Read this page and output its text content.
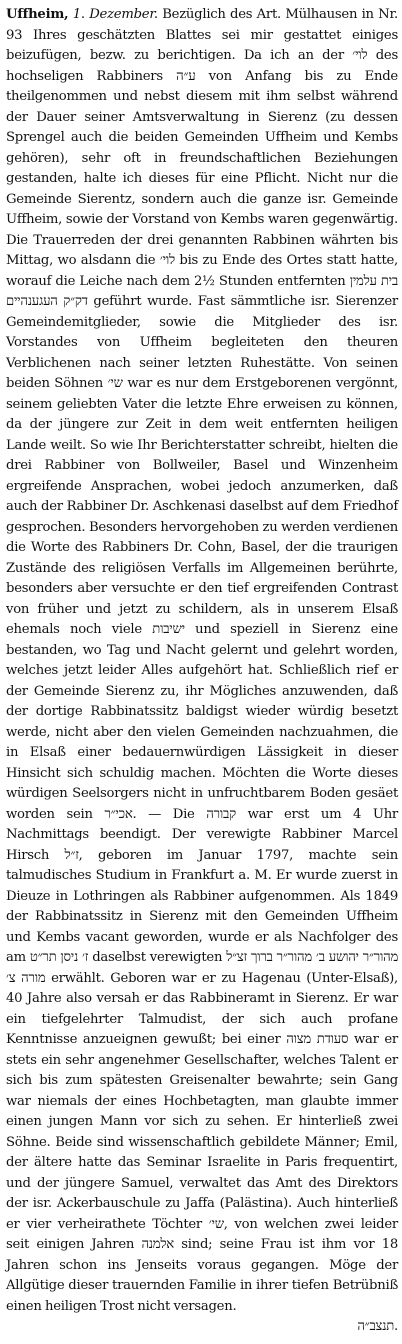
Uffheim, 1. Dezember. Bezüglich des Art. Mülhausen in Nr. 93 Ihres geschätzten Blattes sei mir gestattet einiges beizufügen, bezw. zu berichtigen. Da ich an der לוי׳ des hochseligen Rabbiners ע״ה von Anfang bis zu Ende theilgenommen und nebst diesem mit ihm selbst während der Dauer seiner Amtsverwaltung in Sierenz (zu dessen Sprengel auch die beiden Gemeinden Uffheim und Kembs gehören), sehr oft in freundschaftlichen Beziehungen gestanden, halte ich dieses für eine Pflicht. Nicht nur die Gemeinde Sierentz, sondern auch die ganze isr. Gemeinde Uffheim, sowie der Vorstand von Kembs waren gegenwärtig. Die Trauerreden der drei genannten Rabbinen währten bis Mittag, wo alsdann die לוי׳ bis zu Ende des Ortes statt hatte, worauf die Leiche nach dem 2½ Stunden entfernten בית עלמין דק״ק העגענהיים geführt wurde. Fast sämmtliche isr. Sierenzer Gemeindemitglieder, sowie die Mitglieder des isr. Vorstandes von Uffheim begleiteten den theuren Verblichenen nach seiner letzten Ruhestätte. Von seinen beiden Söhnen שי׳ war es nur dem Erstgeborenen vergönnt, seinem geliebten Vater die letzte Ehre erweisen zu können, da der jüngere zur Zeit in dem weit entfernten heiligen Lande weilt. So wie Ihr Berichterstatter schreibt, hielten die drei Rabbiner von Bollweiler, Basel und Winzenheim ergreifende Ansprachen, wobei jedoch anzumerken, daß auch der Rabbiner Dr. Aschkenasi daselbst auf dem Friedhof gesprochen. Besonders hervorgehoben zu werden verdienen die Worte des Rabbiners Dr. Cohn, Basel, der die traurigen Zustände des religiösen Verfalls im Allgemeinen berührte, besonders aber versuchte er den tief ergreifenden Contrast von früher und jetzt zu schildern, als in unserem Elsaß ehemals noch viele ישיבות und speziell in Sierenz eine bestanden, wo Tag und Nacht gelernt und gelehrt worden, welches jetzt leider Alles aufgehört hat. Schließlich rief er der Gemeinde Sierenz zu, ihr Mögliches anzuwenden, daß der dortige Rabbinatssitz baldigst wieder würdig besetzt werde, nicht aber den vielen Gemeinden nachzuahmen, die in Elsaß einer bedauernwürdigen Lässigkeit in dieser Hinsicht sich schuldig machen. Möchten die Worte dieses würdigen Seelsorgers nicht in unfruchtbarem Boden gesäet worden sein אכי״ר. — Die קבורה war erst um 4 Uhr Nachmittags beendigt. Der verewigte Rabbiner Marcel Hirsch ז״ל, geboren im Januar 1797, machte sein talmudisches Studium in Frankfurt a. M. Er wurde zuerst in Dieuze in Lothringen als Rabbiner aufgenommen. Als 1849 der Rabbinatssitz in Sierenz mit den Gemeinden Uffheim und Kembs vacant geworden, wurde er als Nachfolger des am ז׳ ניסן תר״ט daselbst verewigten מהור״ר יהושע ב׳ מהור״ר ברוך זצ״ל מורה צ׳ erwählt. Geboren war er zu Hagenau (Unter-Elsaß), 40 Jahre also versah er das Rabbineramt in Sierenz. Er war ein tiefgelehrter Talmudist, der sich auch profane Kenntnisse anzueignen gewußt; bei einer סעודת מצוה war er stets ein sehr angenehmer Gesellschafter, welches Talent er sich bis zum spätesten Greisenalter bewahrte; sein Gang war niemals der eines Hochbetagten, man glaubte immer einen jungen Mann vor sich zu sehen. Er hinterließ zwei Söhne. Beide sind wissenschaftlich gebildete Männer; Emil, der ältere hatte das Seminar Israelite in Paris frequentirt, und der jüngere Samuel, verwaltet das Amt des Direktors der isr. Ackerbauschule zu Jaffa (Palästina). Auch hinterließ er vier verheirathete Töchter שי׳, von welchen zwei leider seit einigen Jahren אלמנה sind; seine Frau ist ihm vor 18 Jahren schon ins Jenseits voraus gegangen. Möge der Allgütige dieser trauernden Familie in ihrer tiefen Betrübniß einen heiligen Trost nicht versagen.
תנצב״ה.
